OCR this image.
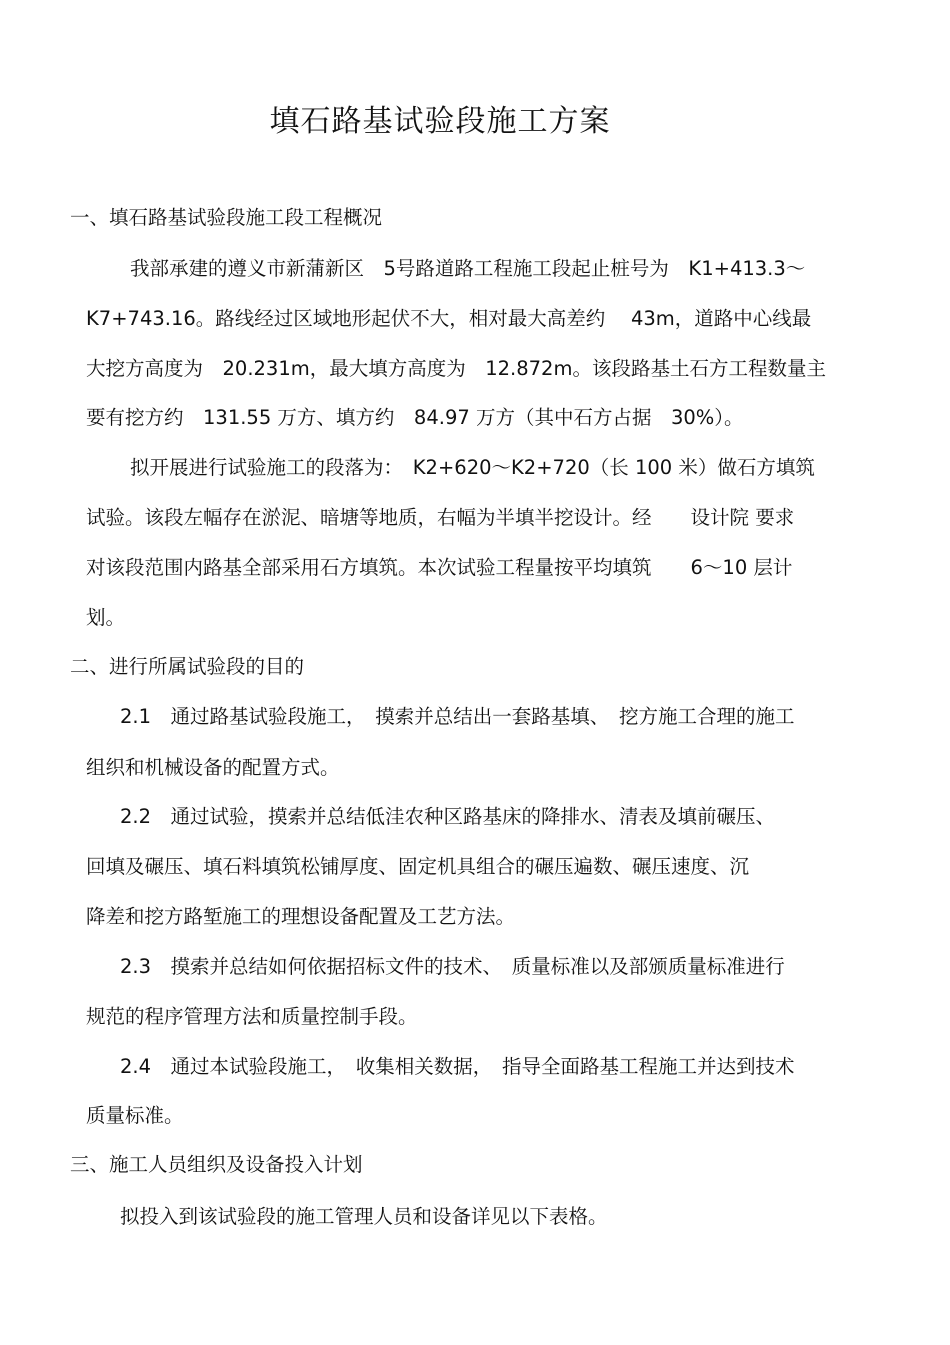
填石路基试验段施工方案
一、填石路基试验段施工段工程概况
我部承建的遵义市新蒲新区　5号路道路工程施工段起止桩号为　K1+413.3～
K7+743.16。路线经过区域地形起伏不大，相对最大高差约　 43m，道路中心线最
大挖方高度为　20.231m，最大填方高度为　12.872m。该段路基土石方工程数量主
要有挖方约　131.55 万方、填方约　84.97 万方（其中石方占据　30%）。
拟开展进行试验施工的段落为：　K2+620～K2+720（长 100 米）做石方填筑
试验。该段左幅存在淤泥、暗塘等地质，右幅为半填半挖设计。经　　设计院 要求
对该段范围内路基全部采用石方填筑。本次试验工程量按平均填筑　　6～10 层计
划。
二、进行所属试验段的目的
2.1　通过路基试验段施工，　摸索并总结出一套路基填、　挖方施工合理的施工
组织和机械设备的配置方式。
2.2　通过试验，摸索并总结低洼农种区路基床的降排水、清表及填前碾压、
回填及碾压、填石料填筑松铺厚度、固定机具组合的碾压遍数、碾压速度、沉
降差和挖方路堑施工的理想设备配置及工艺方法。
2.3　摸索并总结如何依据招标文件的技术、　质量标准以及部颁质量标准进行
规范的程序管理方法和质量控制手段。
2.4　通过本试验段施工，　收集相关数据，　指导全面路基工程施工并达到技术
质量标准。
三、施工人员组织及设备投入计划
拟投入到该试验段的施工管理人员和设备详见以下表格。
